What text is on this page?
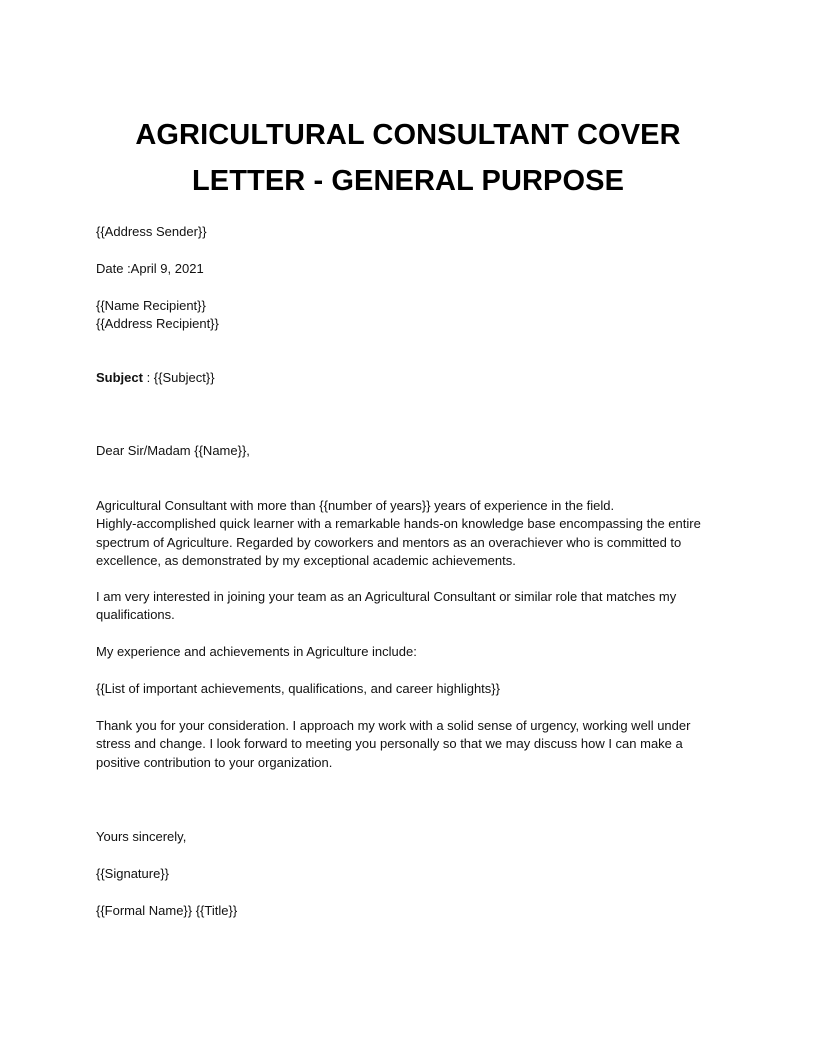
AGRICULTURAL CONSULTANT COVER
LETTER - GENERAL PURPOSE
{{Address Sender}}
Date :April 9, 2021
{{Name Recipient}}
{{Address Recipient}}
Subject : {{Subject}}
Dear Sir/Madam {{Name}},
Agricultural Consultant with more than {{number of years}} years of experience in the field.
Highly-accomplished quick learner with a remarkable hands-on knowledge base encompassing the entire
spectrum of Agriculture. Regarded by coworkers and mentors as an overachiever who is committed to
excellence, as demonstrated by my exceptional academic achievements.
I am very interested in joining your team as an Agricultural Consultant or similar role that matches my
qualifications.
My experience and achievements in Agriculture include:
{{List of important achievements, qualifications, and career highlights}}
Thank you for your consideration. I approach my work with a solid sense of urgency, working well under
stress and change. I look forward to meeting you personally so that we may discuss how I can make a
positive contribution to your organization.
Yours sincerely,
{{Signature}}
{{Formal Name}} {{Title}}
